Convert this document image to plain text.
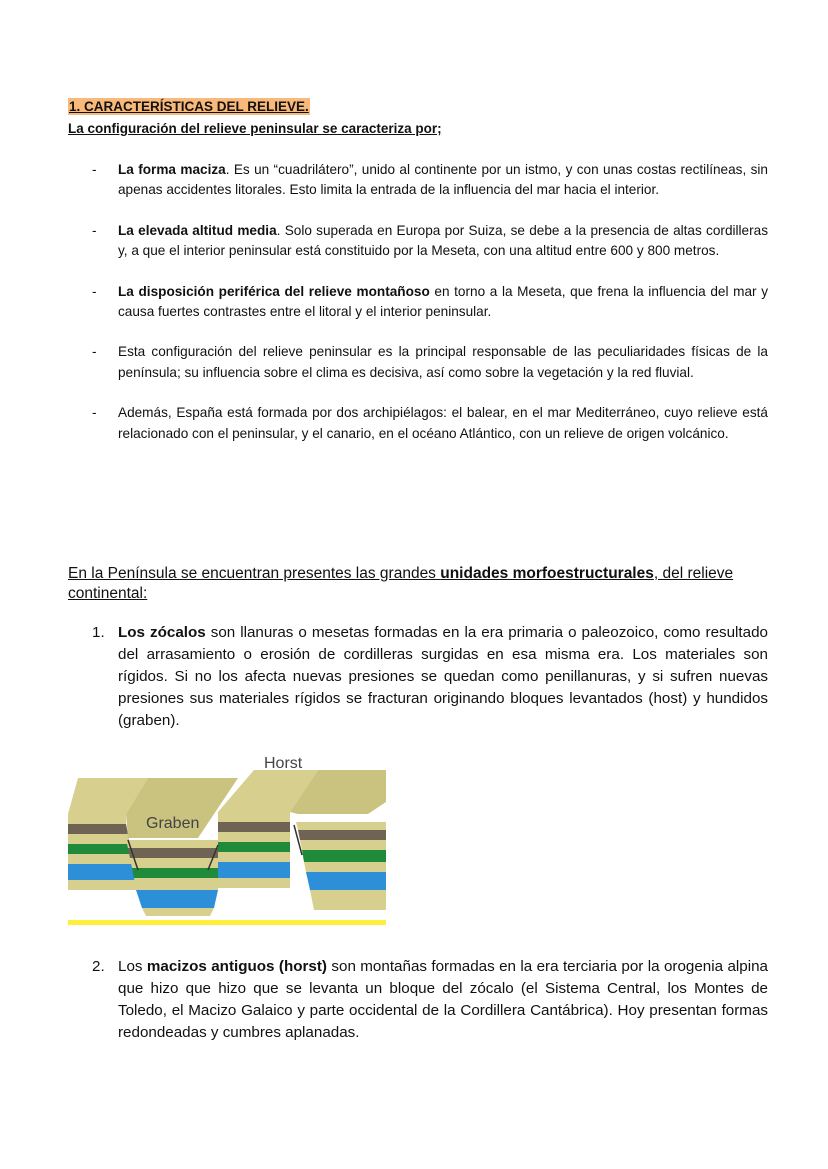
1. CARACTERÍSTICAS DEL RELIEVE.
La configuración del relieve peninsular se caracteriza por;
- La forma maciza. Es un “cuadrilátero”, unido al continente por un istmo, y con unas costas rectilíneas, sin apenas accidentes litorales. Esto limita la entrada de la influencia del mar hacia el interior.
- La elevada altitud media. Solo superada en Europa por Suiza, se debe a la presencia de altas cordilleras y, a que el interior peninsular está constituido por la Meseta, con una altitud entre 600 y 800 metros.
- La disposición periférica del relieve montañoso en torno a la Meseta, que frena la influencia del mar y causa fuertes contrastes entre el litoral y el interior peninsular.
- Esta configuración del relieve peninsular es la principal responsable de las peculiaridades físicas de la península; su influencia sobre el clima es decisiva, así como sobre la vegetación y la red fluvial.
- Además, España está formada por dos archipiélagos: el balear, en el mar Mediterráneo, cuyo relieve está relacionado con el peninsular, y el canario, en el océano Atlántico, con un relieve de origen volcánico.
En la Península se encuentran presentes las grandes unidades morfoestructurales, del relieve continental:
1. Los zócalos son llanuras o mesetas formadas en la era primaria o paleozoico, como resultado del arrasamiento o erosión de cordilleras surgidas en esa misma era. Los materiales son rígidos. Si no los afecta nuevas presiones se quedan como penillanuras, y si sufren nuevas presiones sus materiales rígidos se fracturan originando bloques levantados (host) y hundidos (graben).
Horst
Graben
2. Los macizos antiguos (horst) son montañas formadas en la era terciaria por la orogenia alpina que hizo que hizo que se levanta un bloque del zócalo (el Sistema Central, los Montes de Toledo, el Macizo Galaico y parte occidental de la Cordillera Cantábrica). Hoy presentan formas redondeadas y cumbres aplanadas.
